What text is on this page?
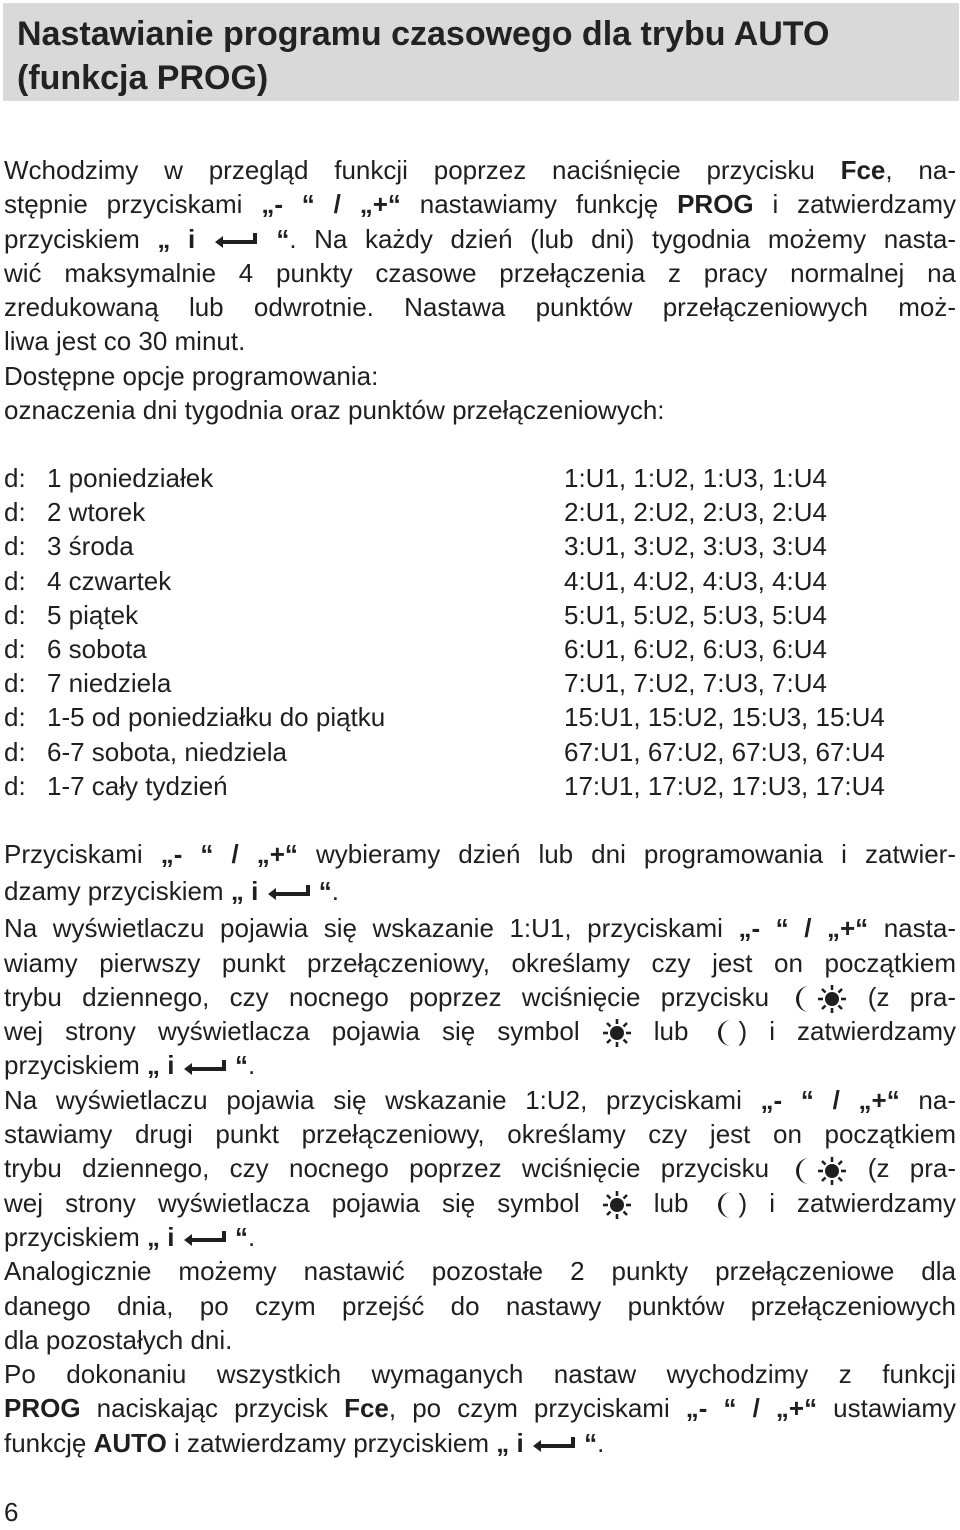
Nastawianie programu czasowego dla trybu AUTO
(funkcja PROG)
Wchodzimy w przegląd funkcji poprzez naciśnięcie przycisku Fce, na-
stępnie przyciskami „- “ / „+“ nastawiamy funkcję PROG i zatwierdzamy
przyciskiem „ i	“. Na każdy dzień (lub dni) tygodnia możemy nasta-
wić maksymalnie 4 punkty czasowe przełączenia z pracy normalnej na
zredukowaną lub odwrotnie. Nastawa punktów przełączeniowych moż-
liwa jest co 30 minut.
Dostępne opcje programowania:
oznaczenia dni tygodnia oraz punktów przełączeniowych:
d: 1 poniedziałek	1:U1, 1:U2, 1:U3, 1:U4
d: 2 wtorek	2:U1, 2:U2, 2:U3, 2:U4
d: 3 środa	3:U1, 3:U2, 3:U3, 3:U4
d: 4 czwartek	4:U1, 4:U2, 4:U3, 4:U4
d: 5 piątek	5:U1, 5:U2, 5:U3, 5:U4
d: 6 sobota	6:U1, 6:U2, 6:U3, 6:U4
d: 7 niedziela	7:U1, 7:U2, 7:U3, 7:U4
d: 1-5 od poniedziałku do piątku	15:U1, 15:U2, 15:U3, 15:U4
d: 6-7 sobota, niedziela	67:U1, 67:U2, 67:U3, 67:U4
d: 1-7 cały tydzień	17:U1, 17:U2, 17:U3, 17:U4
Przyciskami „- “ / „+“ wybieramy dzień lub dni programowania i zatwier-
dzamy przyciskiem „ i “.
Na wyświetlaczu pojawia się wskazanie 1:U1, przyciskami „- “ / „+“ nasta-
wiamy pierwszy punkt przełączeniowy, określamy czy jest on początkiem
trybu dziennego, czy nocnego poprzez wciśnięcie przycisku  (z pra-
wej strony wyświetlacza pojawia się symbol  lub ) i zatwierdzamy
przyciskiem „ i “.
Na wyświetlaczu pojawia się wskazanie 1:U2, przyciskami „- “ / „+“ na-
stawiamy drugi punkt przełączeniowy, określamy czy jest on początkiem
trybu dziennego, czy nocnego poprzez wciśnięcie przycisku  (z pra-
wej strony wyświetlacza pojawia się symbol  lub ) i zatwierdzamy
przyciskiem „ i “.
Analogicznie możemy nastawić pozostałe 2 punkty przełączeniowe dla
danego dnia, po czym przejść do nastawy punktów przełączeniowych
dla pozostałych dni.
Po dokonaniu wszystkich wymaganych nastaw wychodzimy z funkcji
PROG naciskając przycisk Fce, po czym przyciskami „- “ / „+“ ustawiamy
funkcję AUTO i zatwierdzamy przyciskiem „ i “.
6
